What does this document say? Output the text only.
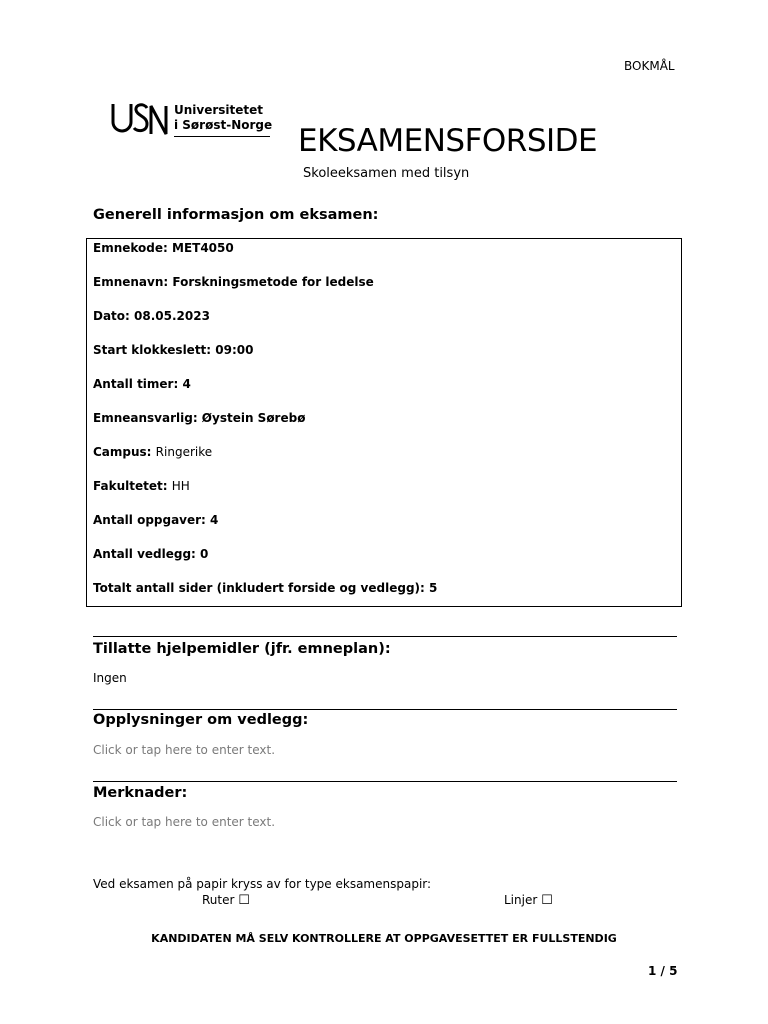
BOKMÅL
Universitetet
i Sørøst-Norge EKSAMENSFORSIDE
Skoleeksamen med tilsyn
Generell informasjon om eksamen:
Emnekode: MET4050
Emnenavn: Forskningsmetode for ledelse
Dato: 08.05.2023
Start klokkeslett: 09:00
Antall timer: 4
Emneansvarlig: Øystein Sørebø
Campus: Ringerike
Fakultetet: HH
Antall oppgaver: 4
Antall vedlegg: 0
Totalt antall sider (inkludert forside og vedlegg): 5
Tillatte hjelpemidler (jfr. emneplan):
Ingen
Opplysninger om vedlegg:
Click or tap here to enter text.
Merknader:
Click or tap here to enter text.
Ved eksamen på papir kryss av for type eksamenspapir:
Ruter ☐	Linjer ☐
KANDIDATEN MÅ SELV KONTROLLERE AT OPPGAVESETTET ER FULLSTENDIG
1 / 5
